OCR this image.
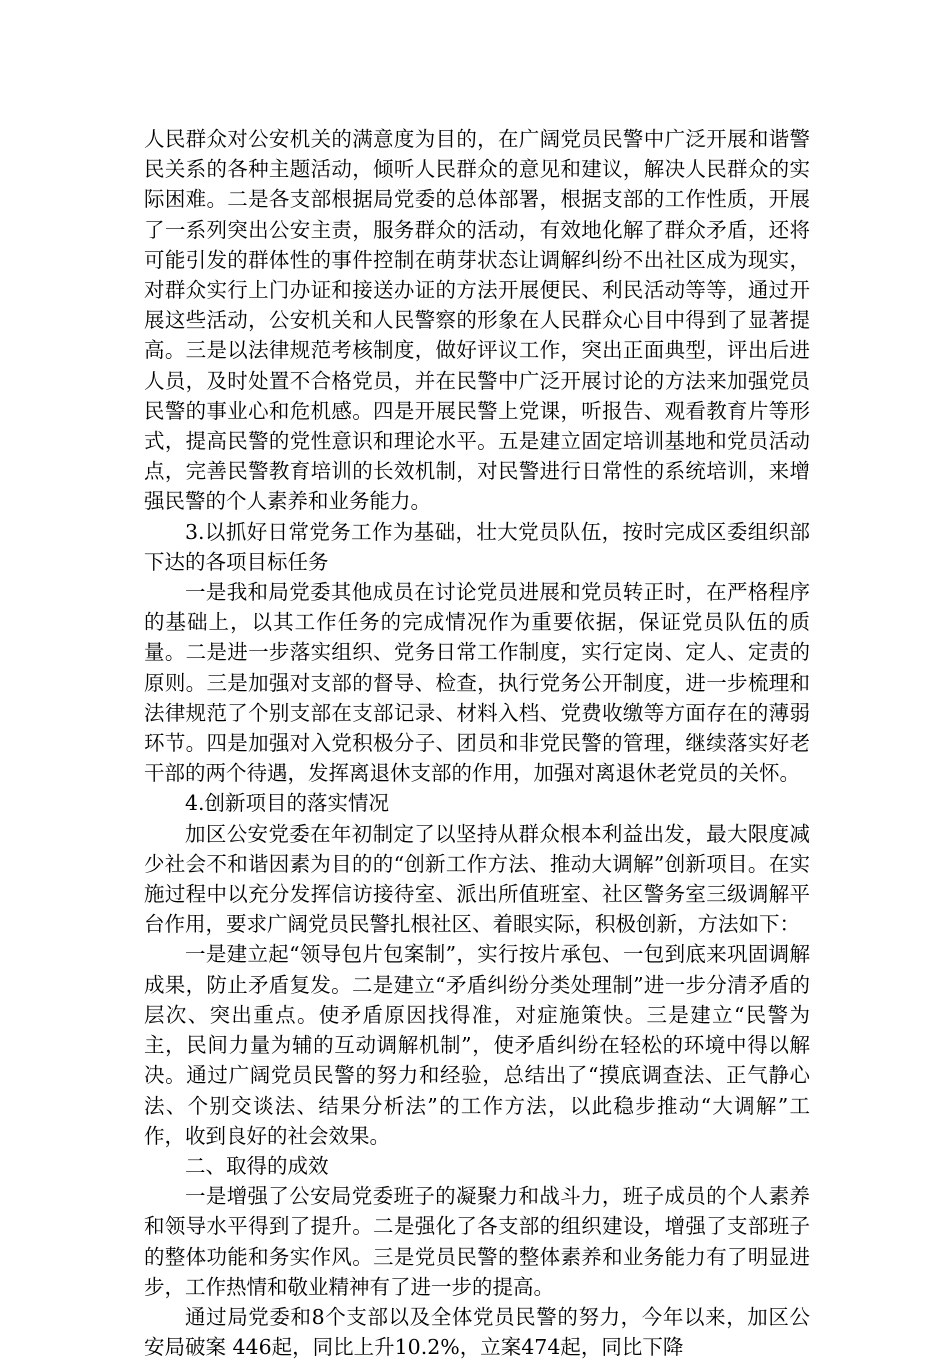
人民群众对公安机关的满意度为目的，在广阔党员民警中广泛开展和谐警民关系的各种主题活动，倾听人民群众的意见和建议，解决人民群众的实际困难。二是各支部根据局党委的总体部署，根据支部的工作性质，开展了一系列突出公安主责，服务群众的活动，有效地化解了群众矛盾，还将可能引发的群体性的事件控制在萌芽状态让调解纠纷不出社区成为现实，对群众实行上门办证和接送办证的方法开展便民、利民活动等等，通过开展这些活动，公安机关和人民警察的形象在人民群众心目中得到了显著提高。三是以法律规范考核制度，做好评议工作，突出正面典型，评出后进人员，及时处置不合格党员，并在民警中广泛开展讨论的方法来加强党员民警的事业心和危机感。四是开展民警上党课，听报告、观看教育片等形式，提高民警的党性意识和理论水平。五是建立固定培训基地和党员活动点，完善民警教育培训的长效机制，对民警进行日常性的系统培训，来增强民警的个人素养和业务能力。

3.以抓好日常党务工作为基础，壮大党员队伍，按时完成区委组织部下达的各项目标任务

一是我和局党委其他成员在讨论党员进展和党员转正时，在严格程序的基础上，以其工作任务的完成情况作为重要依据，保证党员队伍的质量。二是进一步落实组织、党务日常工作制度，实行定岗、定人、定责的原则。三是加强对支部的督导、检查，执行党务公开制度，进一步梳理和法律规范了个别支部在支部记录、材料入档、党费收缴等方面存在的薄弱环节。四是加强对入党积极分子、团员和非党民警的管理，继续落实好老干部的两个待遇，发挥离退休支部的作用，加强对离退休老党员的关怀。

4.创新项目的落实情况

加区公安党委在年初制定了以坚持从群众根本利益出发，最大限度减少社会不和谐因素为目的的“创新工作方法、推动大调解”创新项目。在实施过程中以充分发挥信访接待室、派出所值班室、社区警务室三级调解平台作用，要求广阔党员民警扎根社区、着眼实际，积极创新，方法如下：

一是建立起“领导包片包案制”，实行按片承包、一包到底来巩固调解成果，防止矛盾复发。二是建立“矛盾纠纷分类处理制”进一步分清矛盾的层次、突出重点。使矛盾原因找得准，对症施策快。三是建立“民警为主，民间力量为辅的互动调解机制”，使矛盾纠纷在轻松的环境中得以解决。通过广阔党员民警的努力和经验，总结出了“摸底调查法、正气静心法、个别交谈法、结果分析法”的工作方法，以此稳步推动“大调解”工作，收到良好的社会效果。

二、取得的成效

一是增强了公安局党委班子的凝聚力和战斗力，班子成员的个人素养和领导水平得到了提升。二是强化了各支部的组织建设，增强了支部班子的整体功能和务实作风。三是党员民警的整体素养和业务能力有了明显进步，工作热情和敬业精神有了进一步的提高。

通过局党委和8个支部以及全体党员民警的努力，今年以来，加区公安局破案 446起，同比上升10.2%，立案474起，同比下降
